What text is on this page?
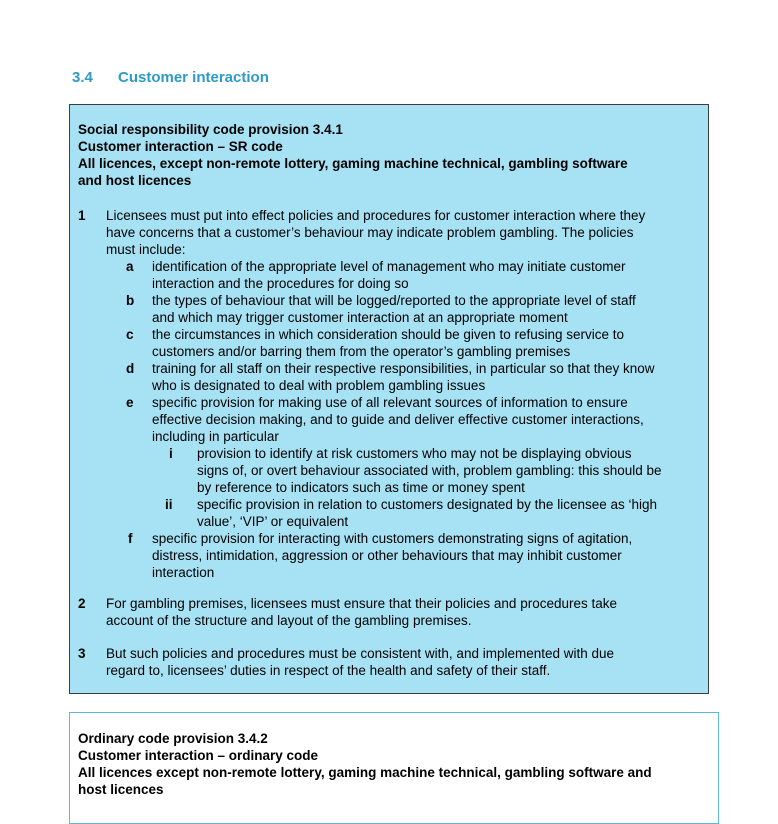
3.4 Customer interaction
Social responsibility code provision 3.4.1
Customer interaction – SR code
All licences, except non-remote lottery, gaming machine technical, gambling software
and host licences
1 Licensees must put into effect policies and procedures for customer interaction where they
have concerns that a customer’s behaviour may indicate problem gambling. The policies
must include:
a identification of the appropriate level of management who may initiate customer
interaction and the procedures for doing so
b the types of behaviour that will be logged/reported to the appropriate level of staff
and which may trigger customer interaction at an appropriate moment
c the circumstances in which consideration should be given to refusing service to
customers and/or barring them from the operator’s gambling premises
d training for all staff on their respective responsibilities, in particular so that they know
who is designated to deal with problem gambling issues
e specific provision for making use of all relevant sources of information to ensure
effective decision making, and to guide and deliver effective customer interactions,
including in particular
i provision to identify at risk customers who may not be displaying obvious
signs of, or overt behaviour associated with, problem gambling: this should be
by reference to indicators such as time or money spent
ii specific provision in relation to customers designated by the licensee as ‘high
value’, ‘VIP’ or equivalent
f specific provision for interacting with customers demonstrating signs of agitation,
distress, intimidation, aggression or other behaviours that may inhibit customer
interaction
2 For gambling premises, licensees must ensure that their policies and procedures take
account of the structure and layout of the gambling premises.
3 But such policies and procedures must be consistent with, and implemented with due
regard to, licensees’ duties in respect of the health and safety of their staff.
Ordinary code provision 3.4.2
Customer interaction – ordinary code
All licences except non-remote lottery, gaming machine technical, gambling software and
host licences
